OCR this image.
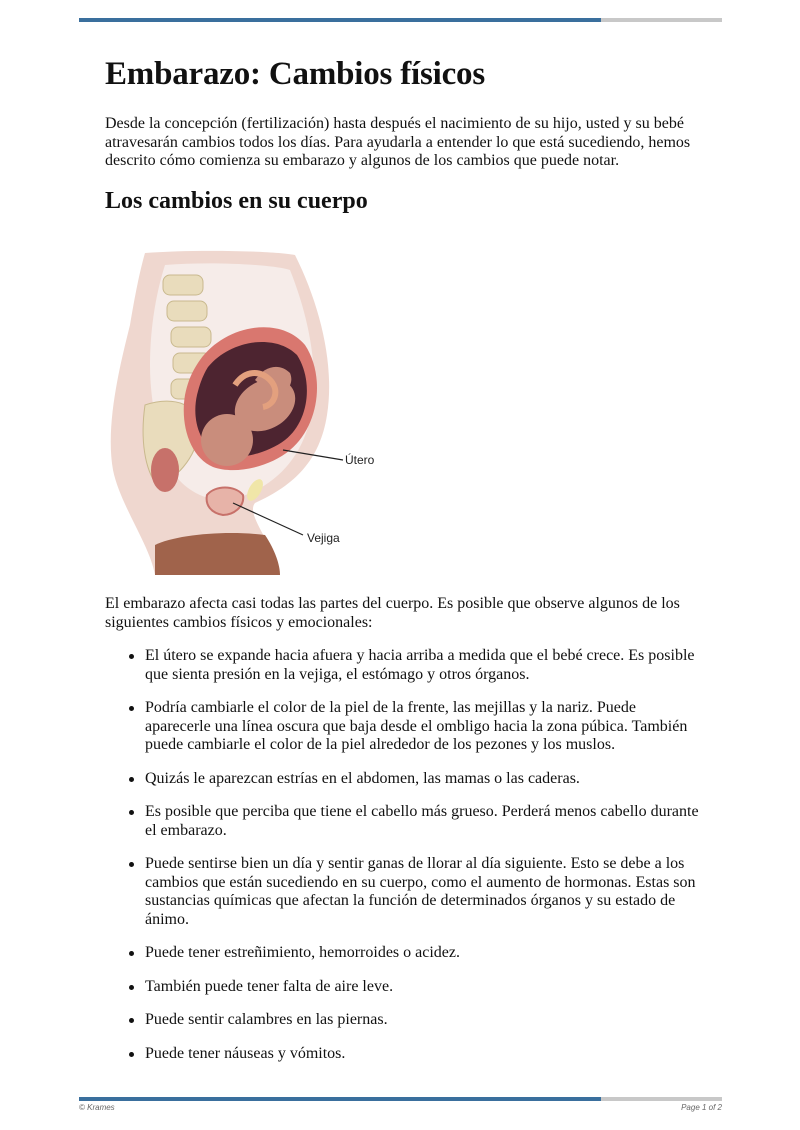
Embarazo: Cambios físicos

Desde la concepción (fertilización) hasta después el nacimiento de su hijo, usted y su bebé atravesarán cambios todos los días. Para ayudarla a entender lo que está sucediendo, hemos descrito cómo comienza su embarazo y algunos de los cambios que puede notar.

Los cambios en su cuerpo
Útero
Vejiga

El embarazo afecta casi todas las partes del cuerpo. Es posible que observe algunos de los siguientes cambios físicos y emocionales:

El útero se expande hacia afuera y hacia arriba a medida que el bebé crece. Es posible que sienta presión en la vejiga, el estómago y otros órganos.
Podría cambiarle el color de la piel de la frente, las mejillas y la nariz. Puede aparecerle una línea oscura que baja desde el ombligo hacia la zona púbica. También puede cambiarle el color de la piel alrededor de los pezones y los muslos.
Quizás le aparezcan estrías en el abdomen, las mamas o las caderas.
Es posible que perciba que tiene el cabello más grueso. Perderá menos cabello durante el embarazo.
Puede sentirse bien un día y sentir ganas de llorar al día siguiente. Esto se debe a los cambios que están sucediendo en su cuerpo, como el aumento de hormonas. Estas son sustancias químicas que afectan la función de determinados órganos y su estado de ánimo.
Puede tener estreñimiento, hemorroides o acidez.
También puede tener falta de aire leve.
Puede sentir calambres en las piernas.
Puede tener náuseas y vómitos.
© Krames	Page 1 of 2
